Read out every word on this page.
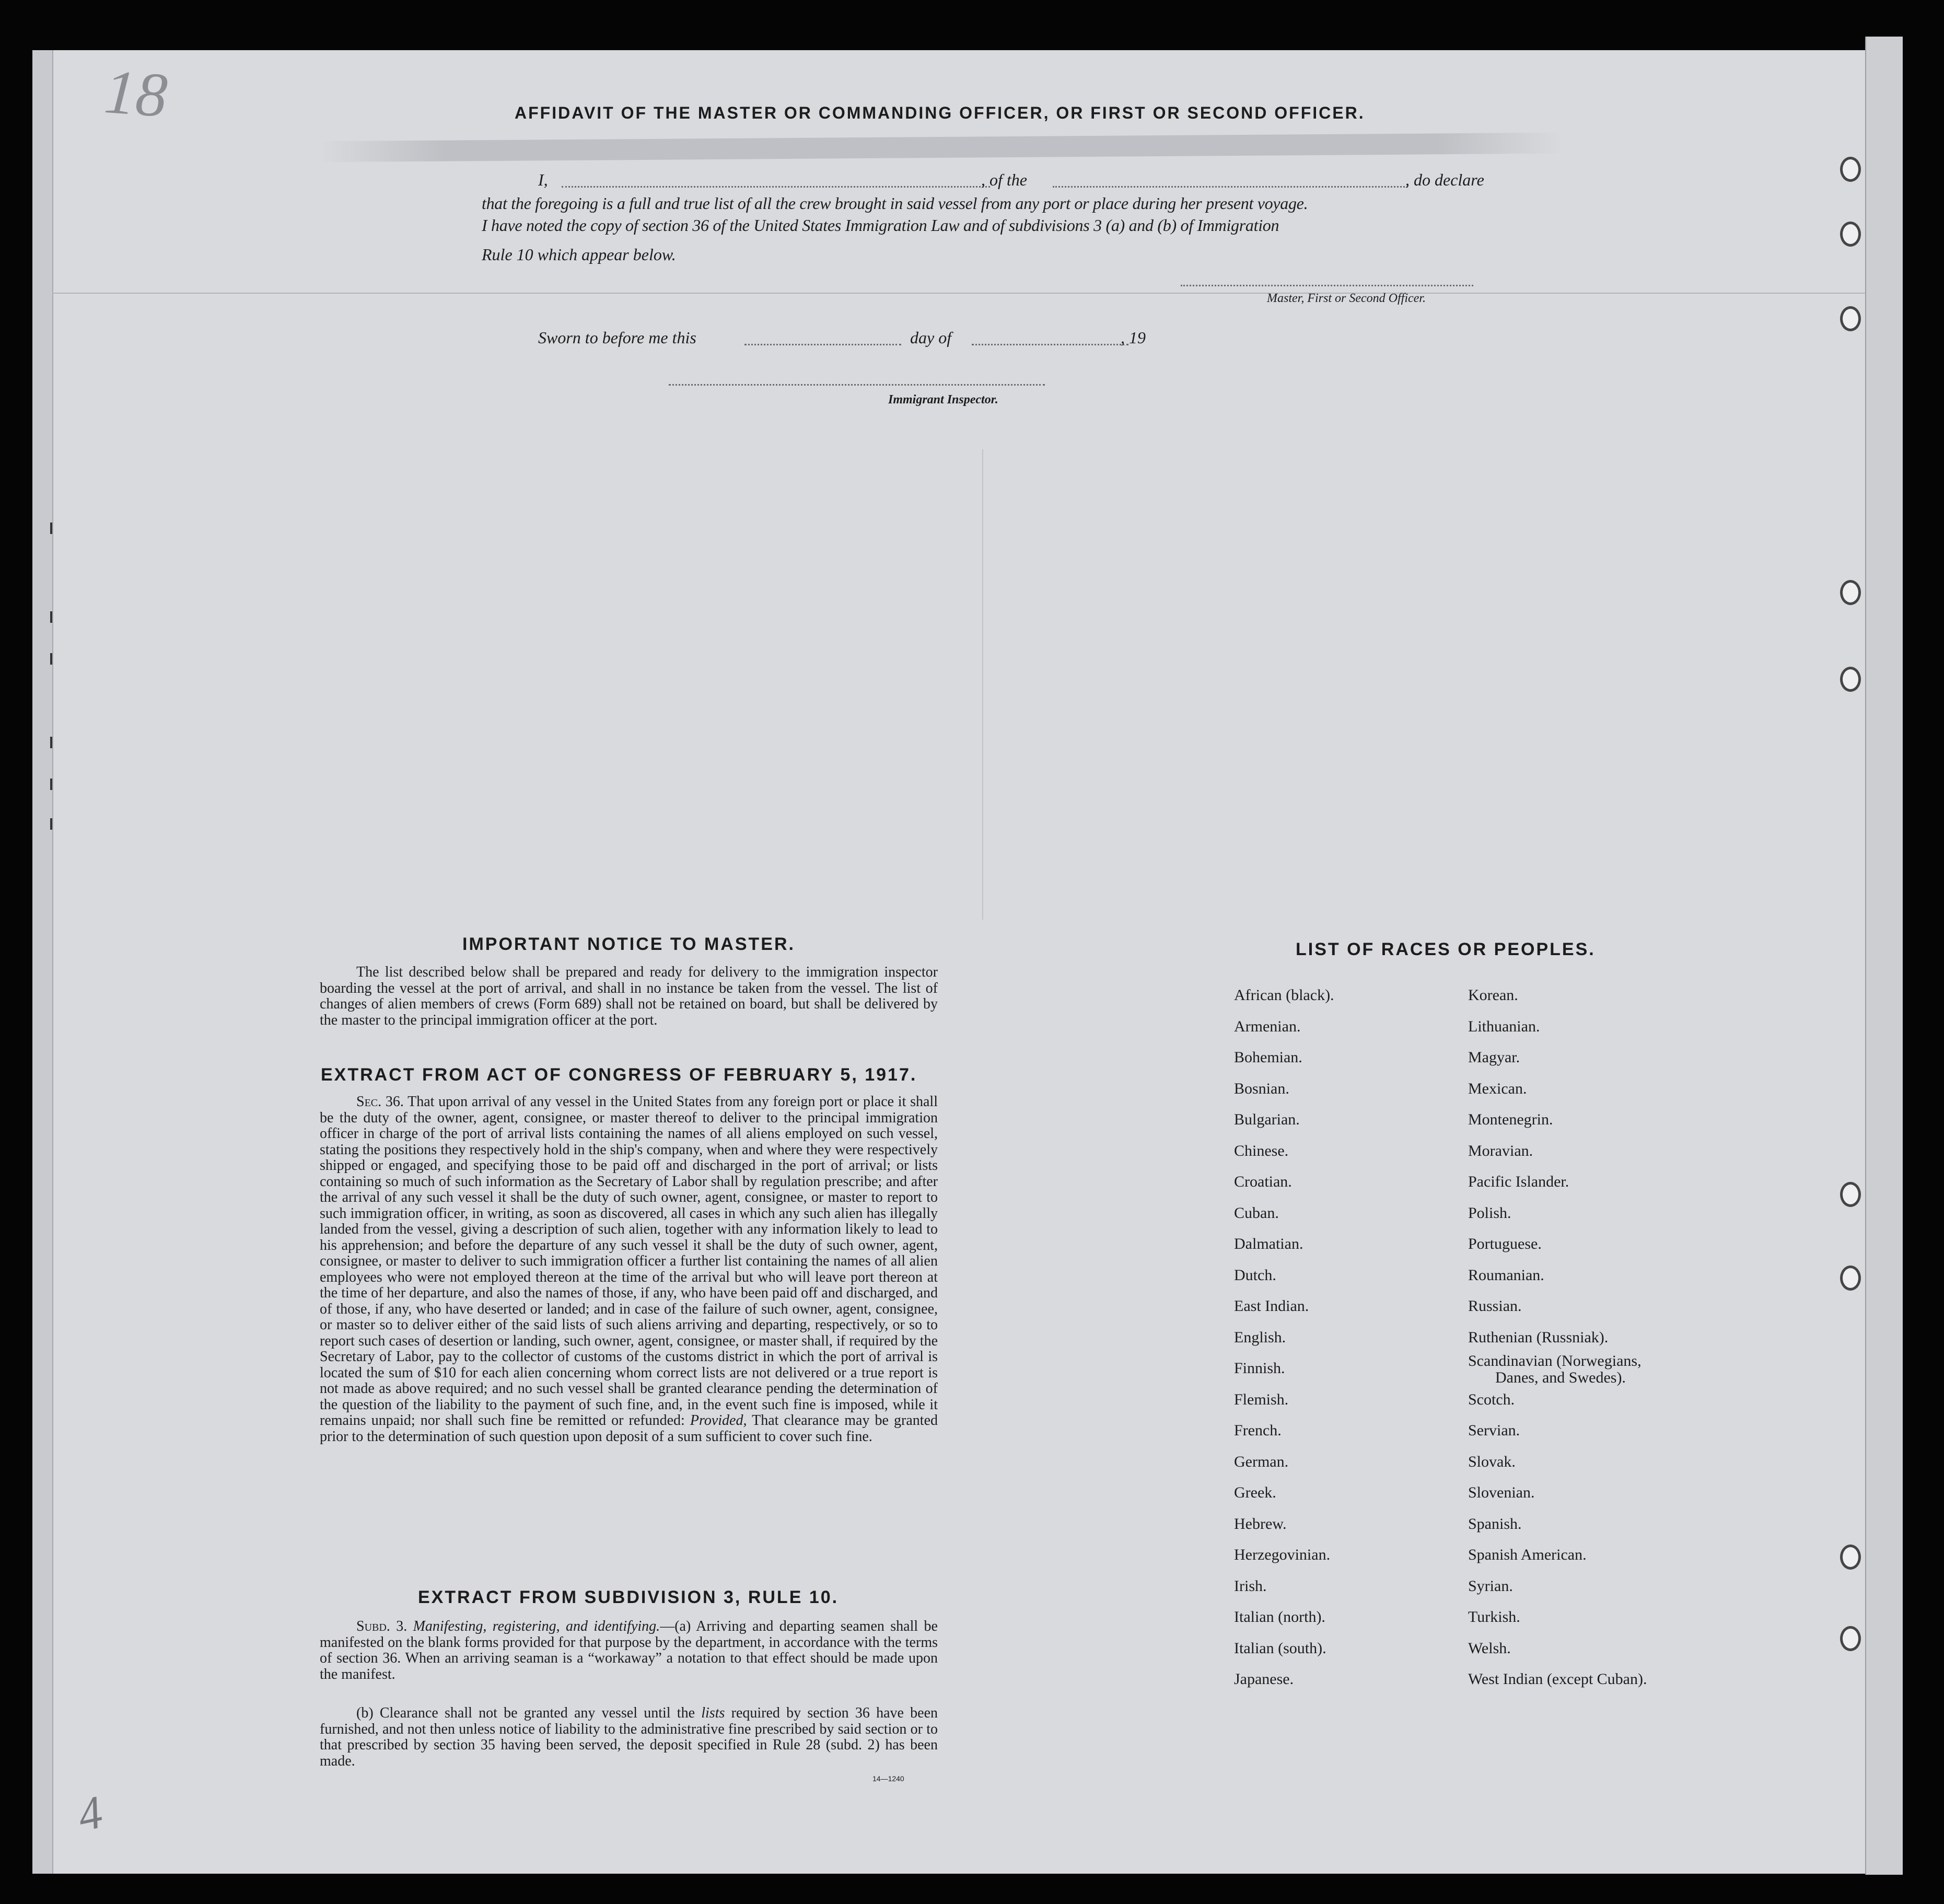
18
4
AFFIDAVIT OF THE MASTER OR COMMANDING OFFICER, OR FIRST OR SECOND OFFICER.
I,	, of the	, do declare
that the foregoing is a full and true list of all the crew brought in said vessel from any port or place during her present voyage.
I have noted the copy of section 36 of the United States Immigration Law and of subdivisions 3 (a) and (b) of Immigration
Rule 10 which appear below.
Master, First or Second Officer.
Sworn to before me this	day of	, 19
Immigrant Inspector.
IMPORTANT NOTICE TO MASTER.
The list described below shall be prepared and ready for delivery to the immigration inspector boarding the vessel at the port of arrival, and shall in no instance be taken from the vessel. The list of changes of alien members of crews (Form 689) shall not be retained on board, but shall be delivered by the master to the principal immigration officer at the port.
EXTRACT FROM ACT OF CONGRESS OF FEBRUARY 5, 1917.
Sec. 36. That upon arrival of any vessel in the United States from any foreign port or place it shall be the duty of the owner, agent, consignee, or master thereof to deliver to the principal immigration officer in charge of the port of arrival lists containing the names of all aliens employed on such vessel, stating the positions they respectively hold in the ship's company, when and where they were respectively shipped or engaged, and specifying those to be paid off and discharged in the port of arrival; or lists containing so much of such information as the Secretary of Labor shall by regulation prescribe; and after the arrival of any such vessel it shall be the duty of such owner, agent, consignee, or master to report to such immigration officer, in writing, as soon as discovered, all cases in which any such alien has illegally landed from the vessel, giving a description of such alien, together with any information likely to lead to his apprehension; and before the departure of any such vessel it shall be the duty of such owner, agent, consignee, or master to deliver to such immigration officer a further list containing the names of all alien employees who were not employed thereon at the time of the arrival but who will leave port thereon at the time of her departure, and also the names of those, if any, who have been paid off and discharged, and of those, if any, who have deserted or landed; and in case of the failure of such owner, agent, consignee, or master so to deliver either of the said lists of such aliens arriving and departing, respectively, or so to report such cases of desertion or landing, such owner, agent, consignee, or master shall, if required by the Secretary of Labor, pay to the collector of customs of the customs district in which the port of arrival is located the sum of $10 for each alien concerning whom correct lists are not delivered or a true report is not made as above required; and no such vessel shall be granted clearance pending the determination of the question of the liability to the payment of such fine, and, in the event such fine is imposed, while it remains unpaid; nor shall such fine be remitted or refunded: Provided, That clearance may be granted prior to the determination of such question upon deposit of a sum sufficient to cover such fine.
EXTRACT FROM SUBDIVISION 3, RULE 10.
Subd. 3. Manifesting, registering, and identifying.—(a) Arriving and departing seamen shall be manifested on the blank forms provided for that purpose by the department, in accordance with the terms of section 36. When an arriving seaman is a “workaway” a notation to that effect should be made upon the manifest.
(b) Clearance shall not be granted any vessel until the lists required by section 36 have been furnished, and not then unless notice of liability to the administrative fine prescribed by said section or to that prescribed by section 35 having been served, the deposit specified in Rule 28 (subd. 2) has been made.
14—1240
LIST OF RACES OR PEOPLES.
African (black).
Armenian.
Bohemian.
Bosnian.
Bulgarian.
Chinese.
Croatian.
Cuban.
Dalmatian.
Dutch.
East Indian.
English.
Finnish.
Flemish.
French.
German.
Greek.
Hebrew.
Herzegovinian.
Irish.
Italian (north).
Italian (south).
Japanese.
Korean.
Lithuanian.
Magyar.
Mexican.
Montenegrin.
Moravian.
Pacific Islander.
Polish.
Portuguese.
Roumanian.
Russian.
Ruthenian (Russniak).
Scandinavian (Norwegians,
Danes, and Swedes).
Scotch.
Servian.
Slovak.
Slovenian.
Spanish.
Spanish American.
Syrian.
Turkish.
Welsh.
West Indian (except Cuban).
